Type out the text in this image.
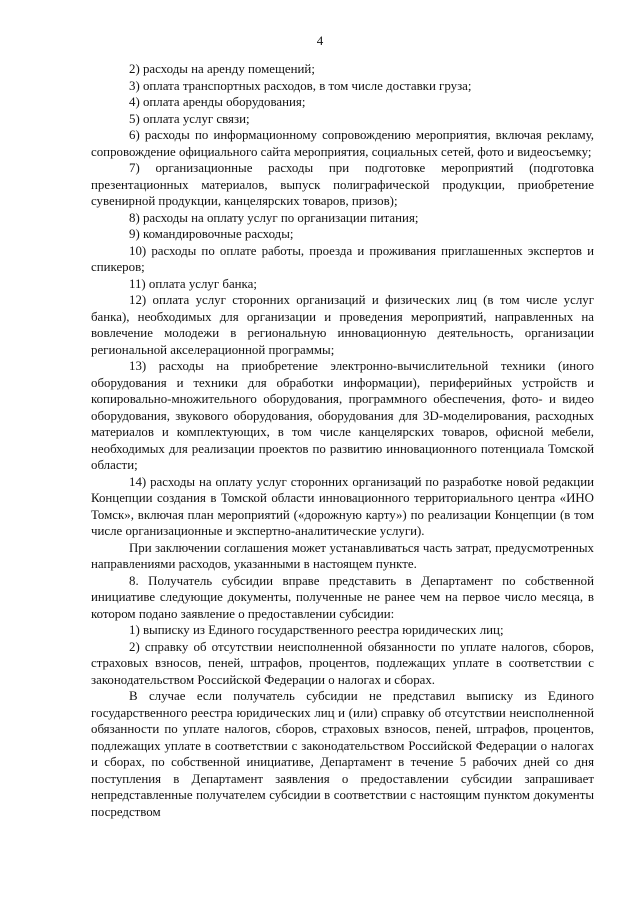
4

2) расходы на аренду помещений;

3) оплата транспортных расходов, в том числе доставки груза;

4) оплата аренды оборудования;

5) оплата услуг связи;

6) расходы по информационному сопровождению мероприятия, включая рекламу, сопровождение официального сайта мероприятия, социальных сетей, фото и видеосъемку;

7) организационные расходы при подготовке мероприятий (подготовка презентационных материалов, выпуск полиграфической продукции, приобретение сувенирной продукции, канцелярских товаров, призов);

8) расходы на оплату услуг по организации питания;

9) командировочные расходы;

10) расходы по оплате работы, проезда и проживания приглашенных экспертов и спикеров;

11) оплата услуг банка;

12) оплата услуг сторонних организаций и физических лиц (в том числе услуг банка), необходимых для организации и проведения мероприятий, направленных на вовлечение молодежи в региональную инновационную деятельность, организации региональной акселерационной программы;

13) расходы на приобретение электронно-вычислительной техники (иного оборудования и техники для обработки информации), периферийных устройств и копировально-множительного оборудования, программного обеспечения, фото- и видео оборудования, звукового оборудования, оборудования для 3D-моделирования, расходных материалов и комплектующих, в том числе канцелярских товаров, офисной мебели, необходимых для реализации проектов по развитию инновационного потенциала Томской области;

14) расходы на оплату услуг сторонних организаций по разработке новой редакции Концепции создания в Томской области инновационного территориального центра «ИНО Томск», включая план мероприятий («дорожную карту») по реализации Концепции (в том числе организационные и экспертно-аналитические услуги).

При заключении соглашения может устанавливаться часть затрат, предусмотренных направлениями расходов, указанными в настоящем пункте.

8. Получатель субсидии вправе представить в Департамент по собственной инициативе следующие документы, полученные не ранее чем на первое число месяца, в котором подано заявление о предоставлении субсидии:

1) выписку из Единого государственного реестра юридических лиц;

2) справку об отсутствии неисполненной обязанности по уплате налогов, сборов, страховых взносов, пеней, штрафов, процентов, подлежащих уплате в соответствии с законодательством Российской Федерации о налогах и сборах.

В случае если получатель субсидии не представил выписку из Единого государственного реестра юридических лиц и (или) справку об отсутствии неисполненной обязанности по уплате налогов, сборов, страховых взносов, пеней, штрафов, процентов, подлежащих уплате в соответствии с законодательством Российской Федерации о налогах и сборах, по собственной инициативе, Департамент в течение 5 рабочих дней со дня поступления в Департамент заявления о предоставлении субсидии запрашивает непредставленные получателем субсидии в соответствии с настоящим пунктом документы посредством
